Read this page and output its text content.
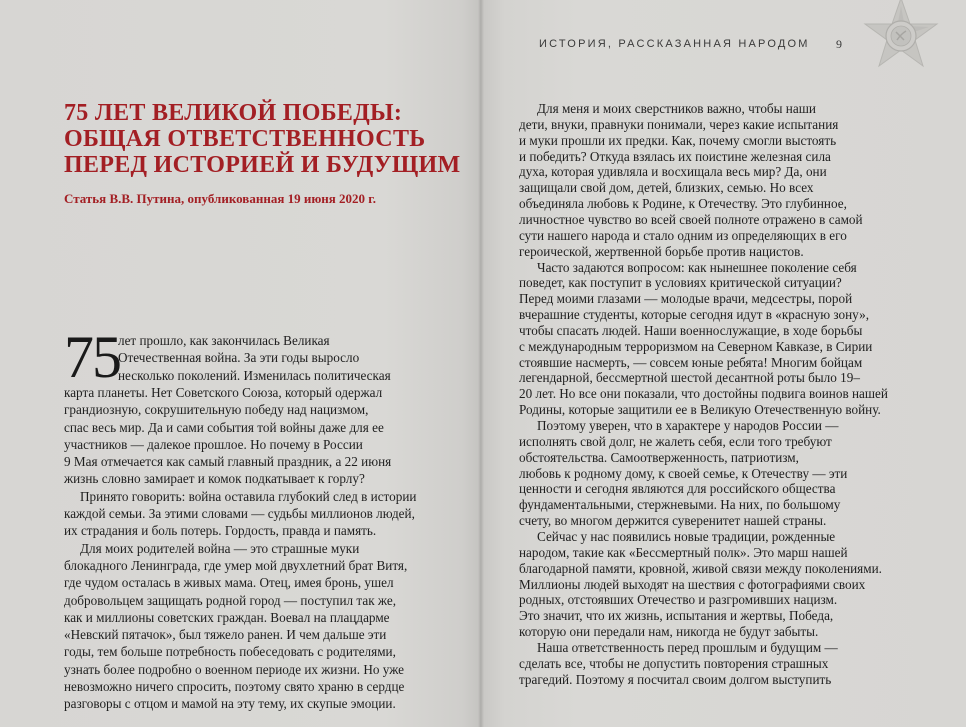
75 ЛЕТ ВЕЛИКОЙ ПОБЕДЫ:
ОБЩАЯ ОТВЕТСТВЕННОСТЬ
ПЕРЕД ИСТОРИЕЙ И БУДУЩИМ
Статья В.В. Путина, опубликованная 19 июня 2020 г.
75
лет прошло, как закончилась Великая
Отечественная война. За эти годы выросло
несколько поколений. Изменилась политическая
карта планеты. Нет Советского Союза, который одержал
грандиозную, сокрушительную победу над нацизмом,
спас весь мир. Да и сами события той войны даже для ее
участников — далекое прошлое. Но почему в России
9 Мая отмечается как самый главный праздник, а 22 июня
жизнь словно замирает и комок подкатывает к горлу?
Принято говорить: война оставила глубокий след в истории
каждой семьи. За этими словами — судьбы миллионов людей,
их страдания и боль потерь. Гордость, правда и память.
Для моих родителей война — это страшные муки
блокадного Ленинграда, где умер мой двухлетний брат Витя,
где чудом осталась в живых мама. Отец, имея бронь, ушел
добровольцем защищать родной город — поступил так же,
как и миллионы советских граждан. Воевал на плацдарме
«Невский пятачок», был тяжело ранен. И чем дальше эти
годы, тем больше потребность побеседовать с родителями,
узнать более подробно о военном периоде их жизни. Но уже
невозможно ничего спросить, поэтому свято храню в сердце
разговоры с отцом и мамой на эту тему, их скупые эмоции.
Для меня и моих сверстников важно, чтобы наши
дети, внуки, правнуки понимали, через какие испытания
и муки прошли их предки. Как, почему смогли выстоять
и победить? Откуда взялась их поистине железная сила
духа, которая удивляла и восхищала весь мир? Да, они
защищали свой дом, детей, близких, семью. Но всех
объединяла любовь к Родине, к Отечеству. Это глубинное,
личностное чувство во всей своей полноте отражено в самой
сути нашего народа и стало одним из определяющих в его
героической, жертвенной борьбе против нацистов.
Часто задаются вопросом: как нынешнее поколение себя
поведет, как поступит в условиях критической ситуации?
Перед моими глазами — молодые врачи, медсестры, порой
вчерашние студенты, которые сегодня идут в «красную зону»,
чтобы спасать людей. Наши военнослужащие, в ходе борьбы
с международным терроризмом на Северном Кавказе, в Сирии
стоявшие насмерть, — совсем юные ребята! Многим бойцам
легендарной, бессмертной шестой десантной роты было 19–
20 лет. Но все они показали, что достойны подвига воинов нашей
Родины, которые защитили ее в Великую Отечественную войну.
Поэтому уверен, что в характере у народов России —
исполнять свой долг, не жалеть себя, если того требуют
обстоятельства. Самоотверженность, патриотизм,
любовь к родному дому, к своей семье, к Отечеству — эти
ценности и сегодня являются для российского общества
фундаментальными, стержневыми. На них, по большому
счету, во многом держится суверенитет нашей страны.
Сейчас у нас появились новые традиции, рожденные
народом, такие как «Бессмертный полк». Это марш нашей
благодарной памяти, кровной, живой связи между поколениями.
Миллионы людей выходят на шествия с фотографиями своих
родных, отстоявших Отечество и разгромивших нацизм.
Это значит, что их жизнь, испытания и жертвы, Победа,
которую они передали нам, никогда не будут забыты.
Наша ответственность перед прошлым и будущим —
сделать все, чтобы не допустить повторения страшных
трагедий. Поэтому я посчитал своим долгом выступить
ИСТОРИЯ, РАССКАЗАННАЯ НАРОДОМ 9
